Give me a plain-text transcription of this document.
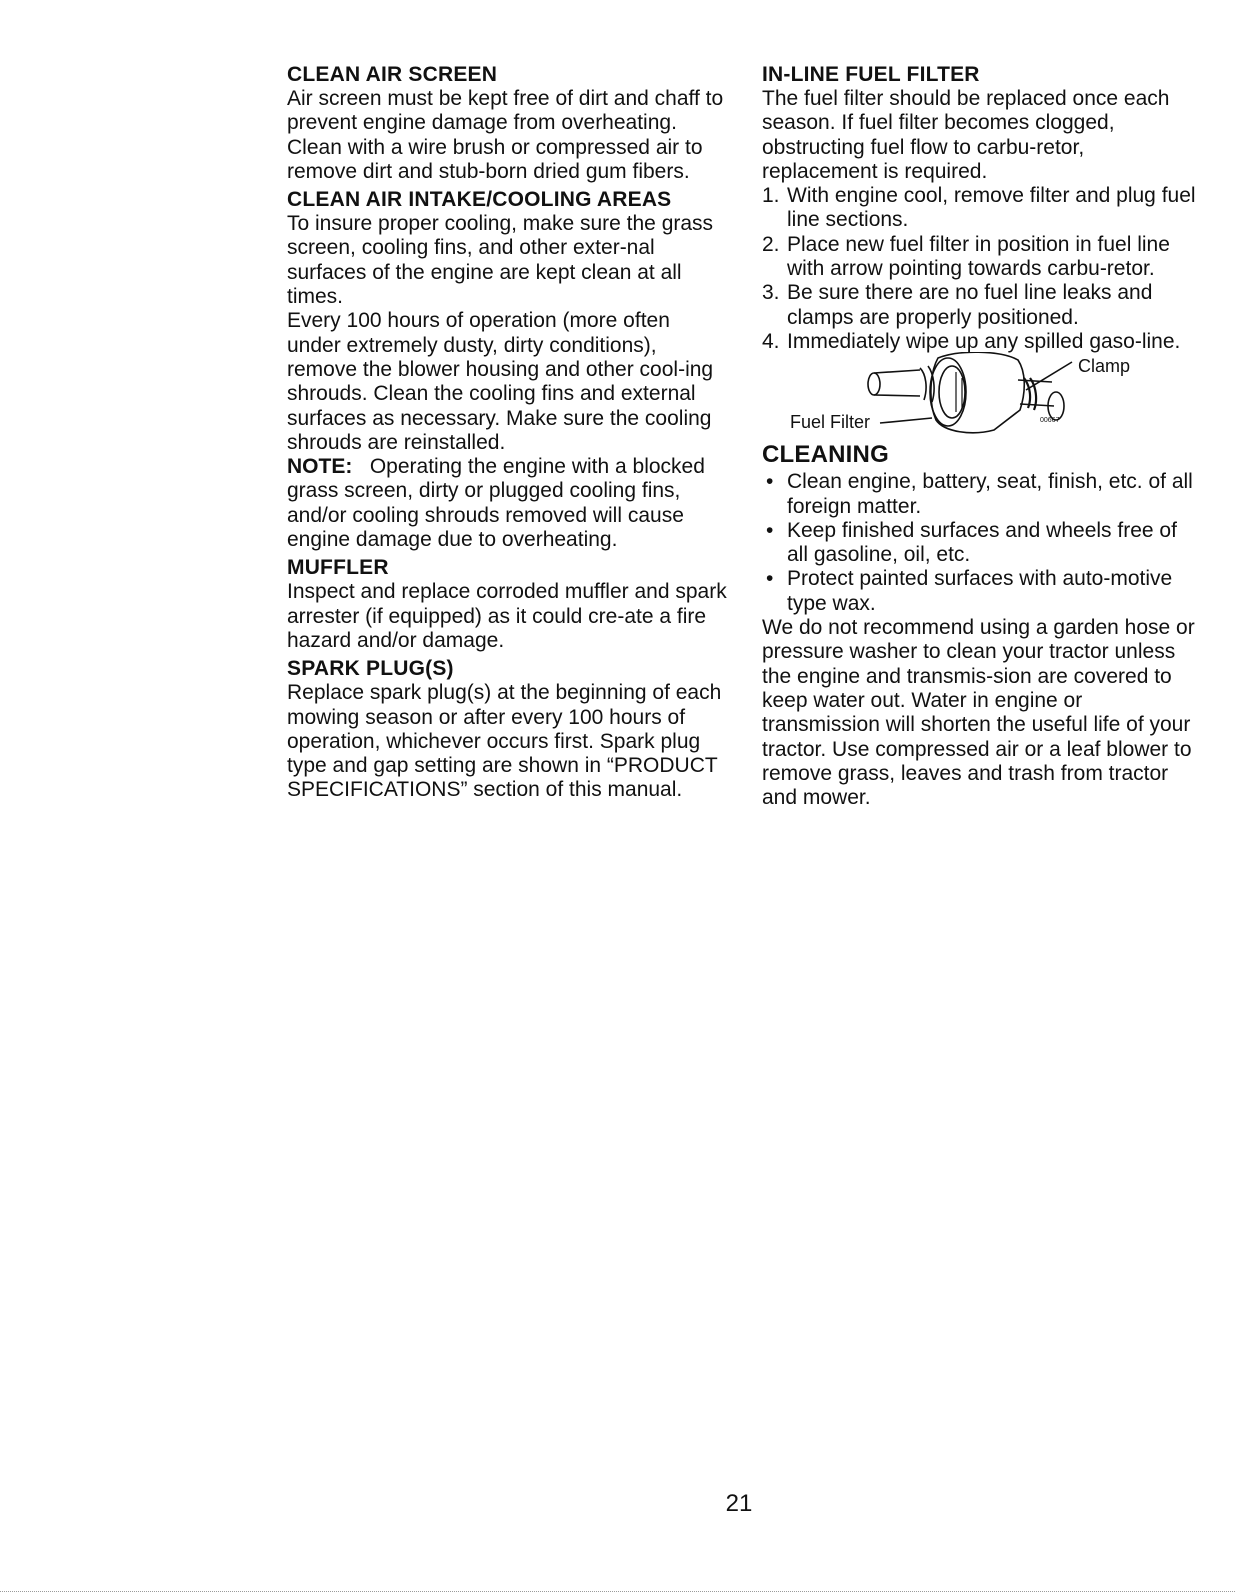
CLEAN AIR SCREEN

Air screen must be kept free of dirt and chaff to prevent engine damage from overheating. Clean with a wire brush or compressed air to remove dirt and stub-born dried gum fibers.

CLEAN AIR INTAKE/COOLING AREAS

To insure proper cooling, make sure the grass screen, cooling fins, and other exter-nal surfaces of the engine are kept clean at all times.

Every 100 hours of operation (more often under extremely dusty, dirty conditions), remove the blower housing and other cool-ing shrouds. Clean the cooling fins and external surfaces as necessary. Make sure the cooling shrouds are reinstalled.

NOTE: Operating the engine with a blocked grass screen, dirty or plugged cooling fins, and/or cooling shrouds removed will cause engine damage due to overheating.

MUFFLER

Inspect and replace corroded muffler and spark arrester (if equipped) as it could cre-ate a fire hazard and/or damage.

SPARK PLUG(S)

Replace spark plug(s) at the beginning of each mowing season or after every 100 hours of operation, whichever occurs first. Spark plug type and gap setting are shown in “PRODUCT SPECIFICATIONS” section of this manual.

IN-LINE FUEL FILTER

The fuel filter should be replaced once each season. If fuel filter becomes clogged, obstructing fuel flow to carbu-retor, replacement is required.

1. With engine cool, remove filter and plug fuel line sections.
2. Place new fuel filter in position in fuel line with arrow pointing towards carbu-retor.
3. Be sure there are no fuel line leaks and clamps are properly positioned.
4. Immediately wipe up any spilled gaso-line.
00667
Clamp
Fuel Filter
CLEANING
• Clean engine, battery, seat, finish, etc. of all foreign matter.
• Keep finished surfaces and wheels free of all gasoline, oil, etc.
• Protect painted surfaces with auto-motive type wax.

We do not recommend using a garden hose or pressure washer to clean your tractor unless the engine and transmis-sion are covered to keep water out. Water in engine or transmission will shorten the useful life of your tractor. Use compressed air or a leaf blower to remove grass, leaves and trash from tractor and mower.

21
